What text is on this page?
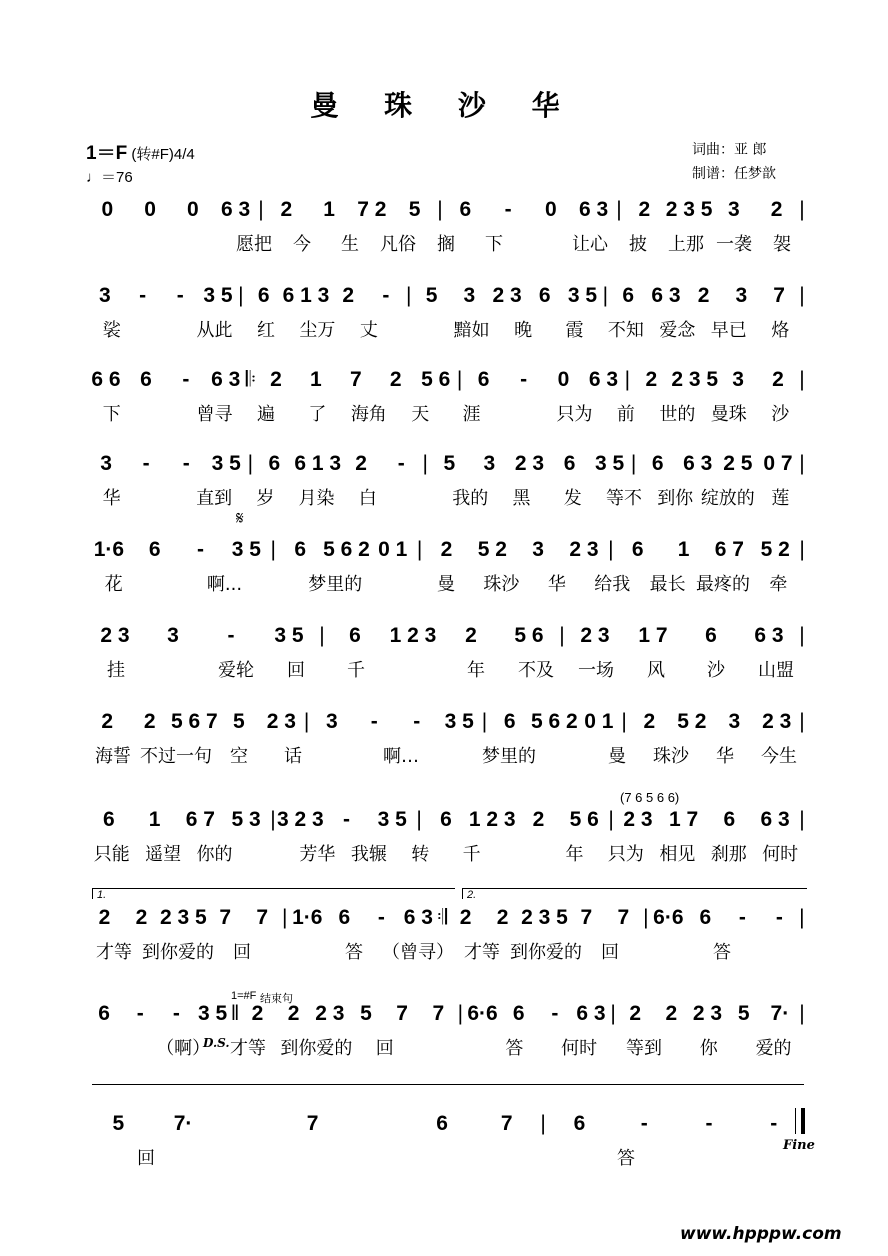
曼 珠 沙 华
1＝F (转#F)4/4
♩＝76
词曲：亚 郎
制谱：任梦歆
0	0	0	6 3 | 2	1	7 2	5 | 6	-	0	6 3 | 2 2 3 5 3	2 |
愿把	今	生	凡俗	搁	下	让心	披	上那 一袭	袈
3	-	- 3 5 | 6 6 1 3 2	- | 5	3 2 3 6 3 5 | 6 6 3 2	3	7 |
裟	从此	红	尘万	丈	黯如	晚	霞	不知 爱念 早已	烙
6 6 6	-	6 3 𝄆 2	1	7	2 5 6 | 6	-	0 6 3 | 2 2 3 5 3	2 |
下	曾寻	遍	了	海角	天	涯	只为	前	世的 曼珠	沙
3	-	-	3 5 | 6 6 1 3 2	- | 5	3 2 3 6 3 5 | 6 6 3 2 5 0 7 |
华	直到	岁	月染	白	我的	黑	发	等不 到你 绽放的 莲
1·6	6	-	3 5 | 6 5 6 2 0 1 | 2	5 2	3	2 3 | 6	1	6 7 5 2 |
花	啊...	梦里的	曼	珠沙	华	给我	最长 最疼的	牵
2 3	3	-	3 5 |	6	1 2 3	2	5 6 | 2 3	1 7	6	6 3 |
挂	爱轮	回	千	年	不及	一场	风	沙	山盟
2	2 5 6 7 5	2 3 | 3	-	-	3 5 | 6 5 6 2 0 1 | 2	5 2	3	2 3 |
海誓 不过一句	空	话	啊…	梦里的	曼	珠沙	华	今生
6	1	6 7 5 3 | 3 2 3 -	3 5 | 6 1 2 3 2	5 6 | 2 3 1 7	6	6 3 |
只能 遥望 你的	芳华 我辗	转	千	年	只为 相见 刹那 何时
2	2 2 3 5 7	7 | 1·6 6	- 6 3 𝄇 2	2 2 3 5 7	7 | 6·6 6	-	- |
才等 到你爱的	回	答	（曾寻） 才等 到你爱的	回	答
6	-	- 3 5 ‖ 2	2 2 3 5	7	7 | 6·6 6	- 6 3 | 2	2 2 3 5 7· |
（啊）	才等 到你爱的	回	答	何时	等到	你	爱的
5	7·	7	6	7	|	6	-	-	-
回	答
1=#F 结束句
1.	2.
(7 6 5 6 6)
𝄋
D.S.
Fine
www.hpppw.com
